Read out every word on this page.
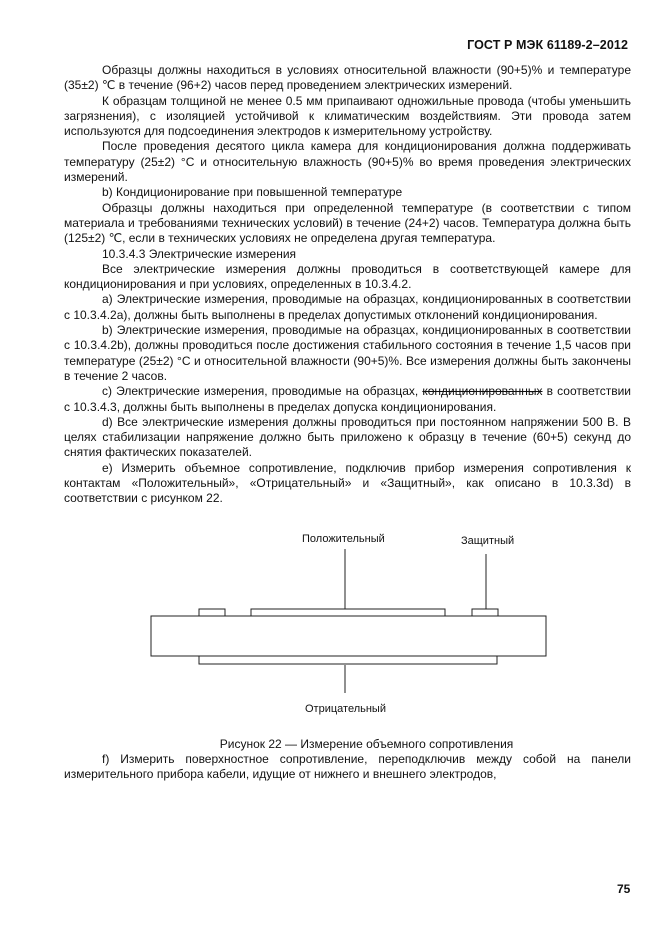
ГОСТ Р МЭК 61189-2–2012

Образцы должны находиться в условиях относительной влажности (90+5)% и температуре (35±2) ℃ в течение (96+2) часов перед проведением электрических измерений.

К образцам толщиной не менее 0.5 мм припаивают одножильные провода (чтобы уменьшить загрязнения), с изоляцией устойчивой к климатическим воздействиям. Эти провода затем используются для подсоединения электродов к измерительному устройству.

После проведения десятого цикла камера для кондиционирования должна поддерживать температуру (25±2) °С и относительную влажность (90+5)% во время проведения электрических измерений.

b) Кондиционирование при повышенной температуре

Образцы должны находиться при определенной температуре (в соответствии с типом материала и требованиями технических условий) в течение (24+2) часов. Температура должна быть (125±2) ℃, если в технических условиях не определена другая температура.

10.3.4.3 Электрические измерения

Все электрические измерения должны проводиться в соответствующей камере для кондиционирования и при условиях, определенных в 10.3.4.2.

a) Электрические измерения, проводимые на образцах, кондиционированных в соответствии с 10.3.4.2а), должны быть выполнены в пределах допустимых отклонений кондиционирования.

b) Электрические измерения, проводимые на образцах, кондиционированных в соответствии с 10.3.4.2b), должны проводиться после достижения стабильного состояния в течение 1,5 часов при температуре (25±2) °С и относительной влажности (90+5)%. Все измерения должны быть закончены в течение 2 часов.

c) Электрические измерения, проводимые на образцах, кондиционированных в соответствии с 10.3.4.3, должны быть выполнены в пределах допуска кондиционирования.

d) Все электрические измерения должны проводиться при постоянном напряжении 500 В. В целях стабилизации напряжение должно быть приложено к образцу в течение (60+5) секунд до снятия фактических показателей.

e) Измерить объемное сопротивление, подключив прибор измерения сопротивления к контактам «Положительный», «Отрицательный» и «Защитный», как описано в 10.3.3d) в соответствии с рисунком 22.

Положительный	Защитный
Отрицательный

Рисунок 22 — Измерение объемного сопротивления

f) Измерить поверхностное сопротивление, переподключив между собой на панели измерительного прибора кабели, идущие от нижнего и внешнего электродов,

75
